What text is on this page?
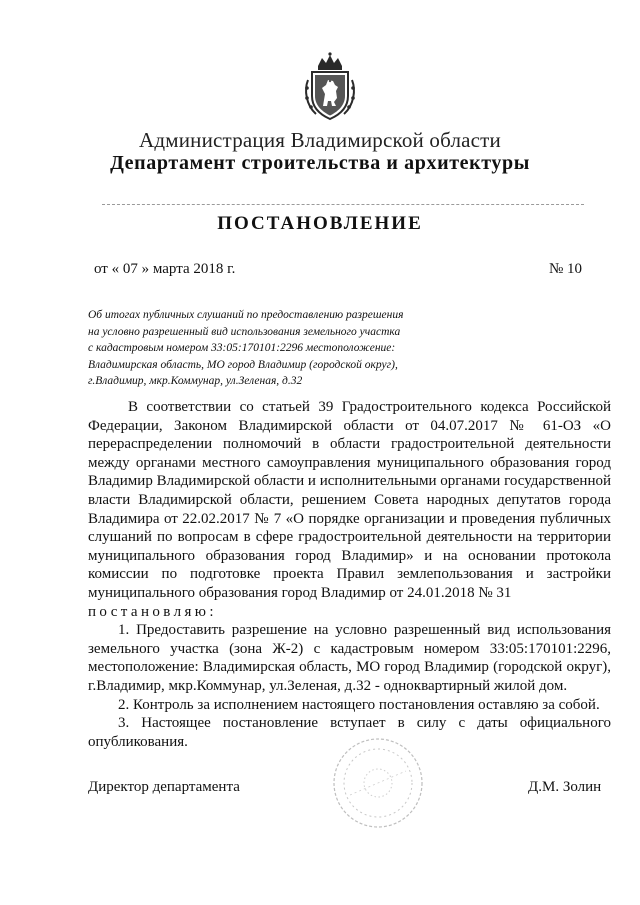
Администрация Владимирской области
Департамент строительства и архитектуры
ПОСТАНОВЛЕНИЕ
от « 07 » марта 2018 г.	№ 10
Об итогах публичных слушаний по предоставлению разрешения
на условно разрешенный вид использования земельного участка
с кадастровым номером 33:05:170101:2296 местоположение:
Владимирская область, МО город Владимир (городской округ),
г.Владимир, мкр.Коммунар, ул.Зеленая, д.32

В соответствии со статьей 39 Градостроительного кодекса Российской Федерации, Законом Владимирской области от 04.07.2017 № 61-ОЗ «О перераспределении полномочий в области градостроительной деятельности между органами местного самоуправления муниципального образования город Владимир Владимирской области и исполнительными органами государственной власти Владимирской области, решением Совета народных депутатов города Владимира от 22.02.2017 № 7 «О порядке организации и проведения публичных слушаний по вопросам в сфере градостроительной деятельности на территории муниципального образования город Владимир» и на основании протокола комиссии по подготовке проекта Правил землепользования и застройки муниципального образования город Владимир от 24.01.2018 № 31

постановляю:

1. Предоставить разрешение на условно разрешенный вид использования земельного участка (зона Ж-2) с кадастровым номером 33:05:170101:2296, местоположение: Владимирская область, МО город Владимир (городской округ), г.Владимир, мкр.Коммунар, ул.Зеленая, д.32 - одноквартирный жилой дом.

2. Контроль за исполнением настоящего постановления оставляю за собой.

3. Настоящее постановление вступает в силу с даты официального опубликования.

Директор департамента	Д.М. Золин
